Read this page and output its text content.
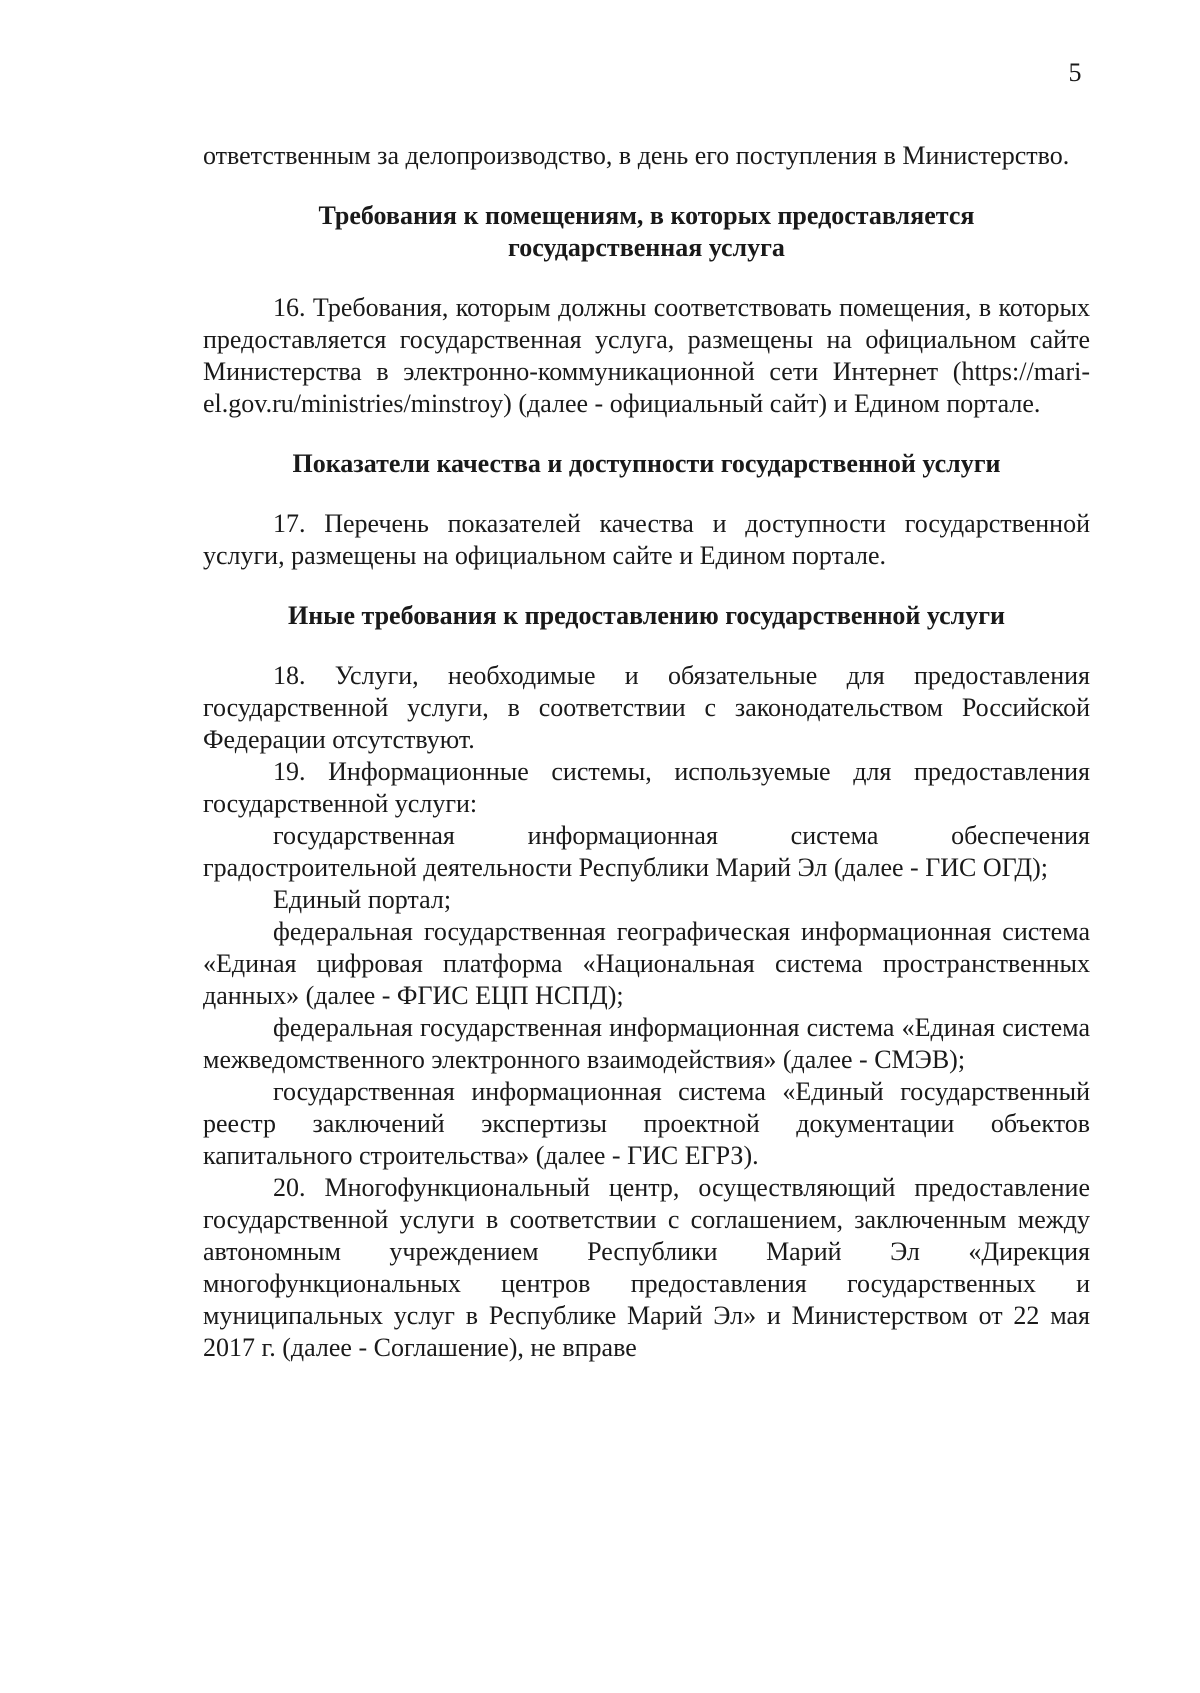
5

ответственным за делопроизводство, в день его поступления в Министерство.

Требования к помещениям, в которых предоставляется

государственная услуга

16. Требования, которым должны соответствовать помещения, в которых предоставляется государственная услуга, размещены на официальном сайте Министерства в электронно-коммуникационной сети Интернет (https://mari-el.gov.ru/ministries/minstroy) (далее - официальный сайт) и Едином портале.

Показатели качества и доступности государственной услуги

17. Перечень показателей качества и доступности государственной услуги, размещены на официальном сайте и Едином портале.

Иные требования к предоставлению государственной услуги

18. Услуги, необходимые и обязательные для предоставления государственной услуги, в соответствии с законодательством Российской Федерации отсутствуют.

19. Информационные системы, используемые для предоставления государственной услуги:

государственная информационная система обеспечения градостроительной деятельности Республики Марий Эл (далее - ГИС ОГД);

Единый портал;

федеральная государственная географическая информационная система «Единая цифровая платформа «Национальная система пространственных данных» (далее - ФГИС ЕЦП НСПД);

федеральная государственная информационная система «Единая система межведомственного электронного взаимодействия» (далее - СМЭВ);

государственная информационная система «Единый государственный реестр заключений экспертизы проектной документации объектов капитального строительства» (далее - ГИС ЕГРЗ).

20. Многофункциональный центр, осуществляющий предоставление государственной услуги в соответствии с соглашением, заключенным между автономным учреждением Республики Марий Эл «Дирекция многофункциональных центров предоставления государственных и муниципальных услуг в Республике Марий Эл» и Министерством от 22 мая 2017 г. (далее - Соглашение), не вправе
